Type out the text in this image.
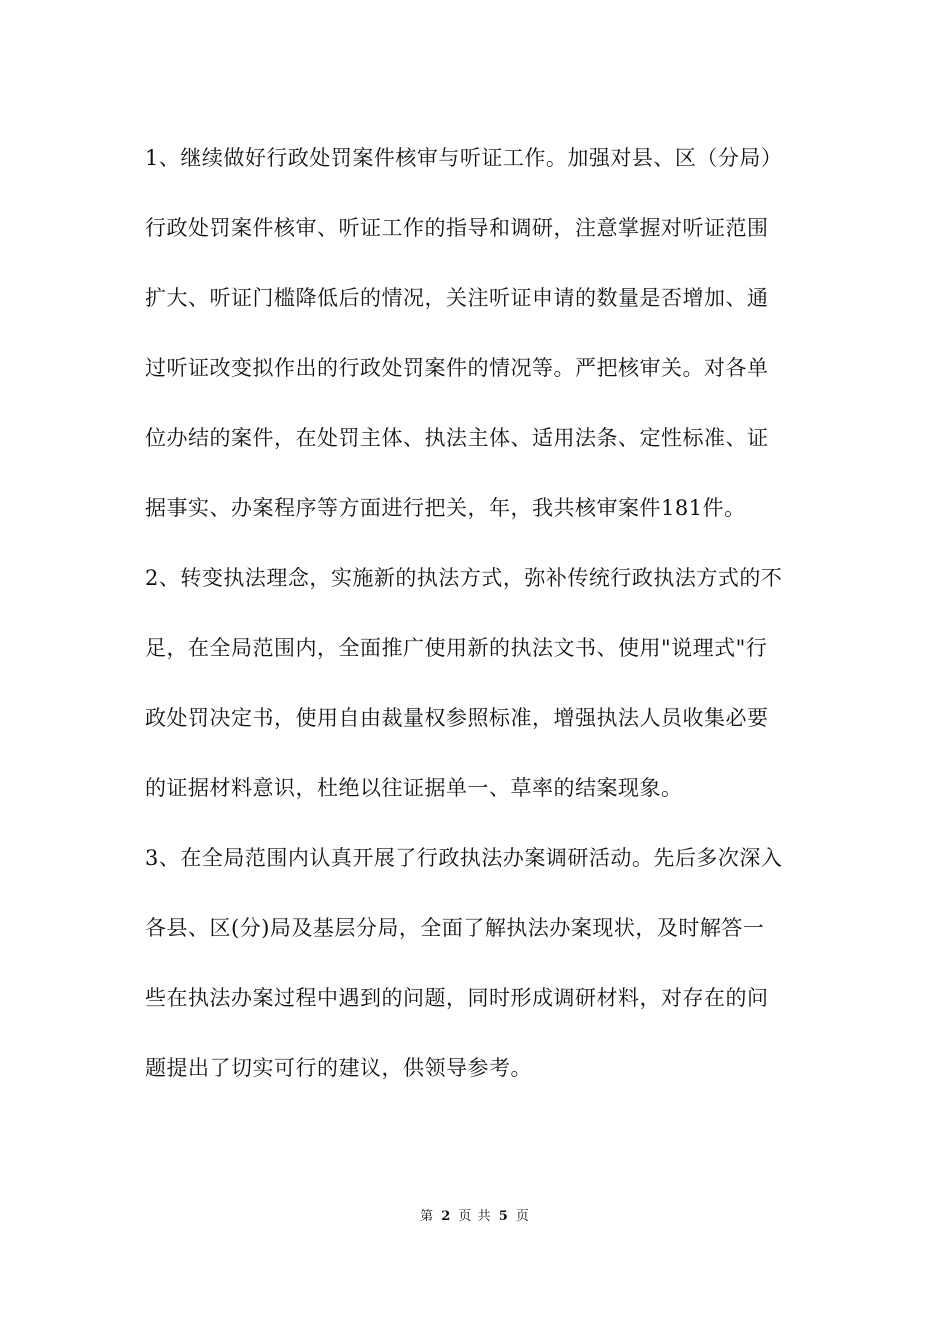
1、继续做好行政处罚案件核审与听证工作。加强对县、区（分局）
行政处罚案件核审、听证工作的指导和调研，注意掌握对听证范围
扩大、听证门槛降低后的情况，关注听证申请的数量是否增加、通
过听证改变拟作出的行政处罚案件的情况等。严把核审关。对各单
位办结的案件，在处罚主体、执法主体、适用法条、定性标准、证
据事实、办案程序等方面进行把关，年，我共核审案件181件。
2、转变执法理念，实施新的执法方式，弥补传统行政执法方式的不
足，在全局范围内，全面推广使用新的执法文书、使用"说理式"行
政处罚决定书，使用自由裁量权参照标准，增强执法人员收集必要
的证据材料意识，杜绝以往证据单一、草率的结案现象。
3、在全局范围内认真开展了行政执法办案调研活动。先后多次深入
各县、区(分)局及基层分局，全面了解执法办案现状，及时解答一
些在执法办案过程中遇到的问题，同时形成调研材料，对存在的问
题提出了切实可行的建议，供领导参考。
第 2 页 共 5 页
